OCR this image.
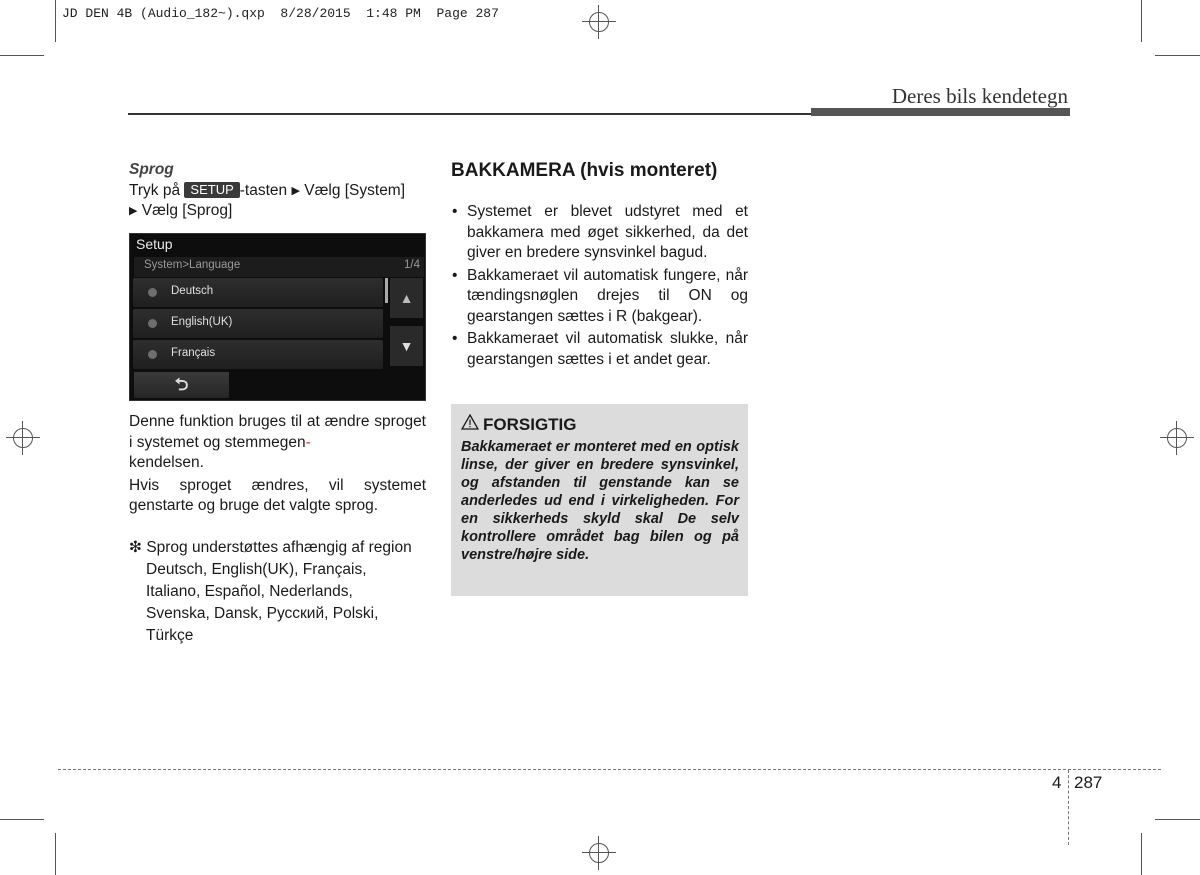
JD DEN 4B (Audio_182~).qxp  8/28/2015  1:48 PM  Page 287
Deres bils kendetegn
Sprog
Tryk på SETUP -tasten ▶ Vælg [System]
▶ Vælg [Sprog]
Setup
System>Language	1/4
Deutsch
English(UK)
Français
▲
▼
⮌
Denne funktion bruges til at ændre sproget i systemet og stemmegen-
kendelsen.
Hvis sproget ændres, vil systemet genstarte og bruge det valgte sprog.
❇ Sprog understøttes afhængig af region
Deutsch, English(UK), Français,
Italiano, Español, Nederlands,
Svenska, Dansk, Русский, Polski,
Türkçe
BAKKAMERA (hvis monteret)
• Systemet er blevet udstyret med et bakkamera med øget sikkerhed, da det giver en bredere synsvinkel bagud.
• Bakkameraet vil automatisk fungere, når tændingsnøglen drejes til ON og gearstangen sættes i R (bakgear).
• Bakkameraet vil automatisk slukke, når gearstangen sættes i et andet gear.
FORSIGTIG
Bakkameraet er monteret med en optisk linse, der giver en bredere synsvinkel, og afstanden til genstande kan se anderledes ud end i virkeligheden. For en sikkerheds skyld skal De selv kontrollere området bag bilen og på venstre/højre side.
4 287
